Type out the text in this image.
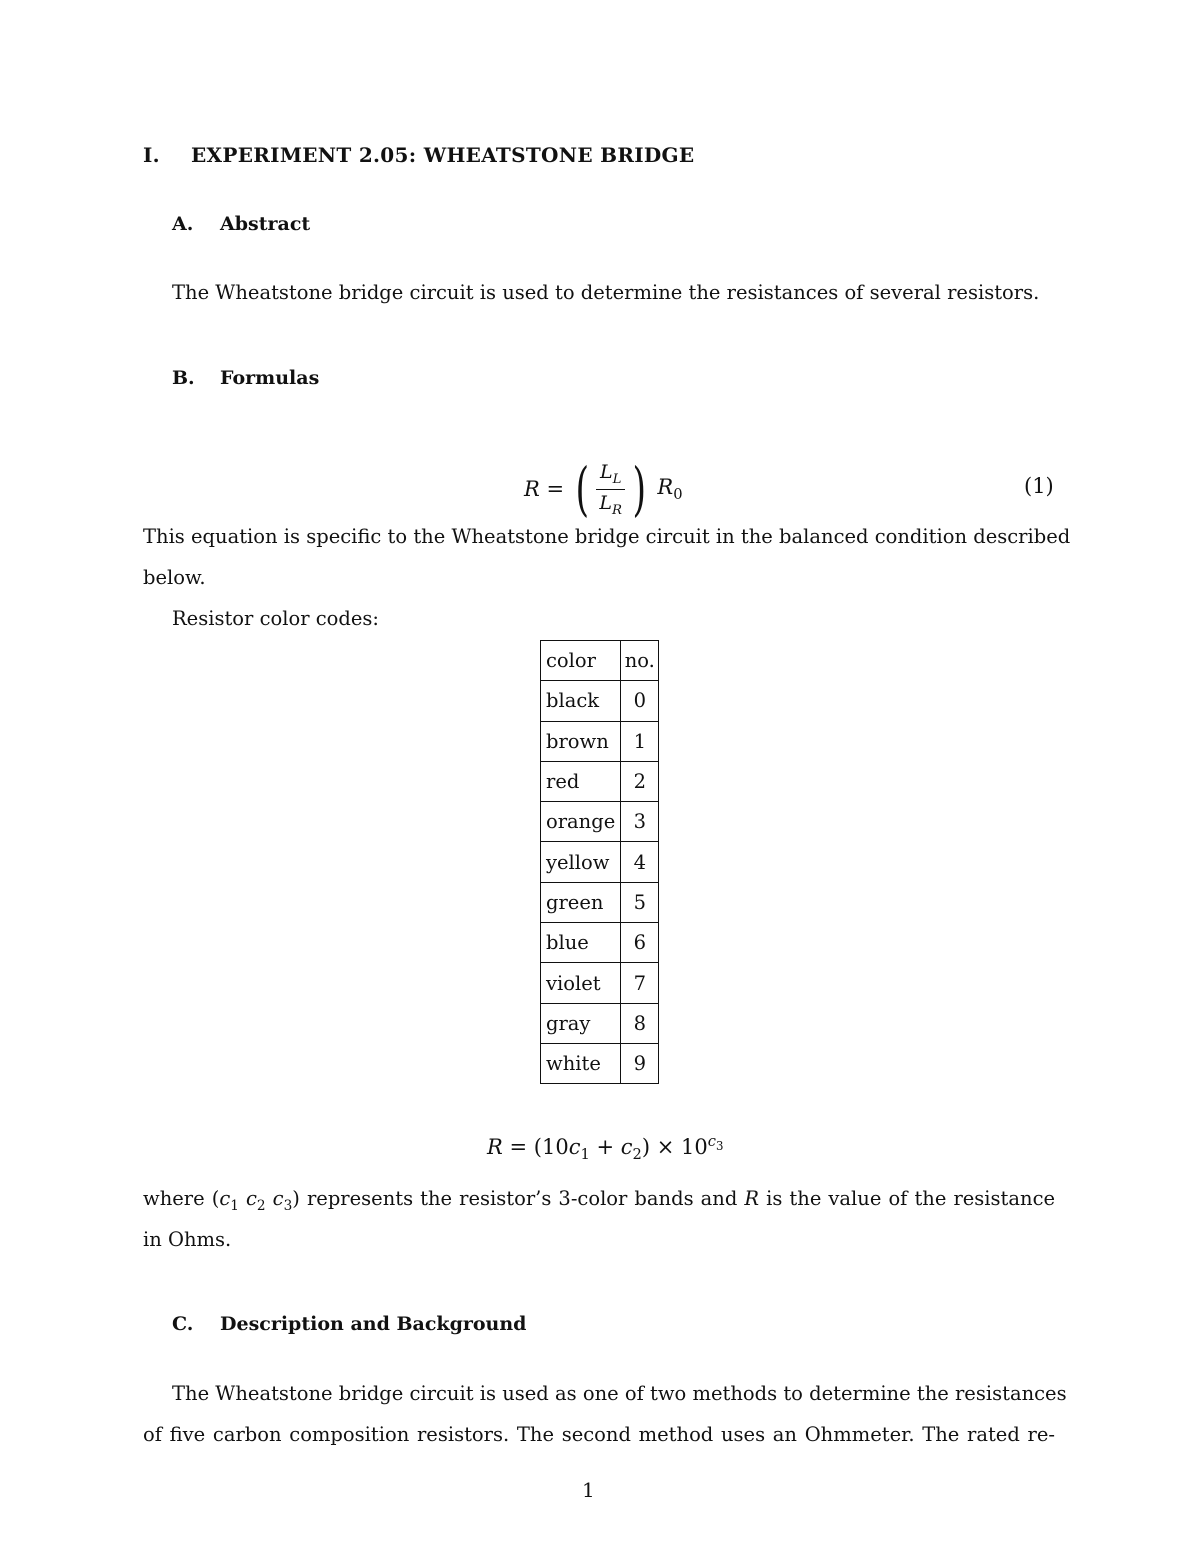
I. EXPERIMENT 2.05: WHEATSTONE BRIDGE
A. Abstract
The Wheatstone bridge circuit is used to determine the resistances of several resistors.
B. Formulas
R = ( $\frac{L_L}{L_R}$ ) $R_0$	(1)
This equation is specific to the Wheatstone bridge circuit in the balanced condition described
below.
Resistor color codes:
color	no.
black	0
brown	1
red	2
orange	3
yellow	4
green	5
blue	6
violet	7
gray	8
white	9
$R = (10c_1 + c_2) \times 10^{c_3}$
where ($c_1$ $c_2$ $c_3$) represents the resistor’s 3-color bands and R is the value of the resistance
in Ohms.
C. Description and Background
The Wheatstone bridge circuit is used as one of two methods to determine the resistances
of five carbon composition resistors. The second method uses an Ohmmeter. The rated re-
1
